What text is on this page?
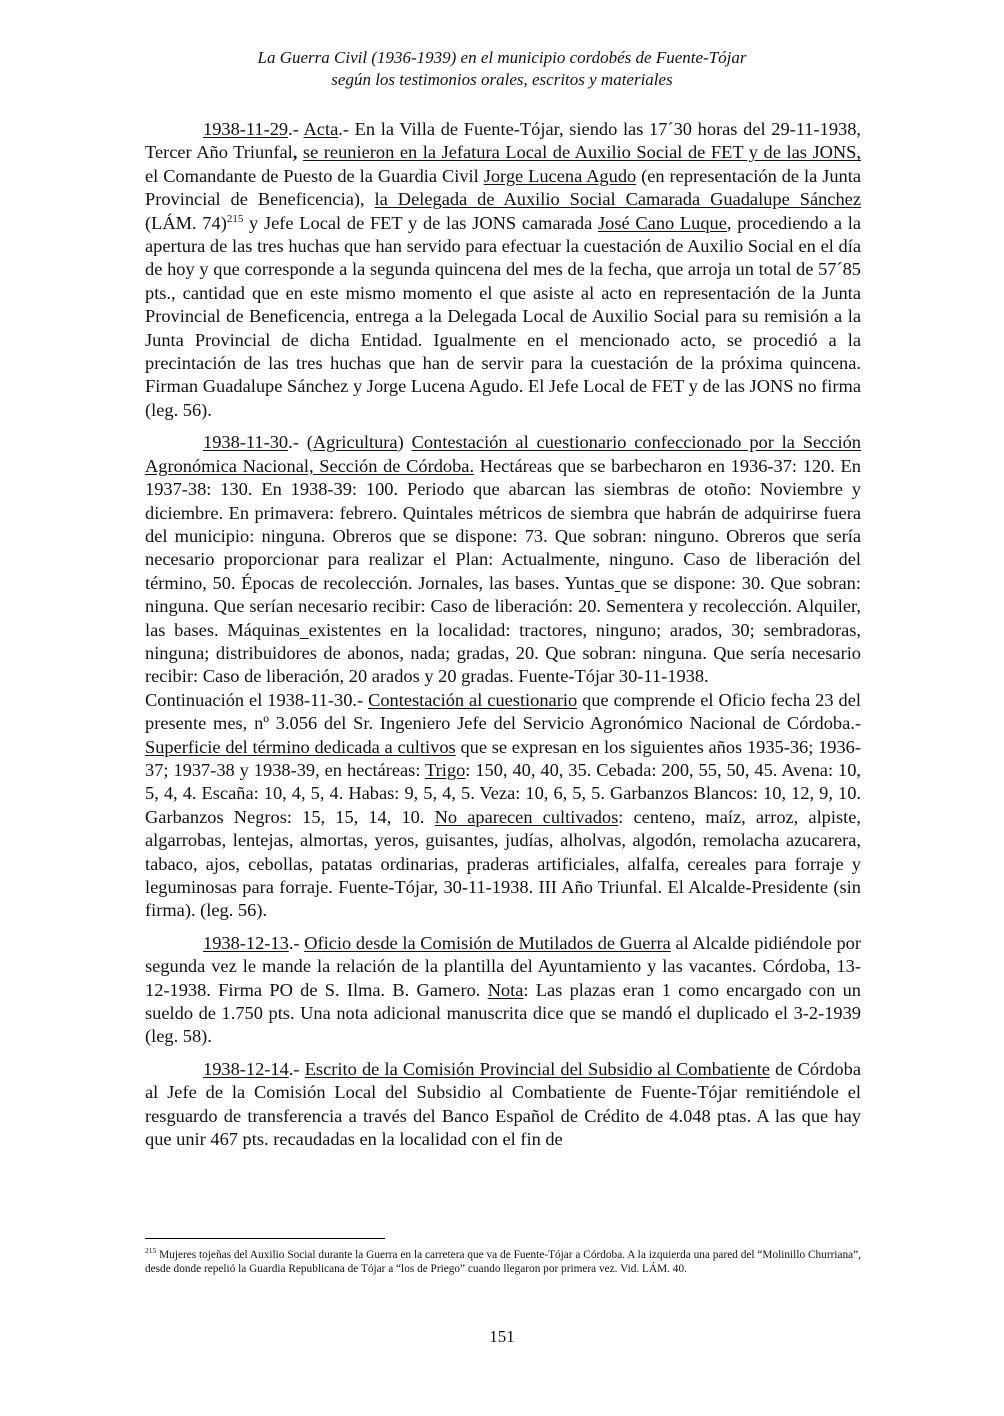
La Guerra Civil (1936-1939) en el municipio cordobés de Fuente-Tójar
según los testimonios orales, escritos y materiales

1938-11-29.- Acta.- En la Villa de Fuente-Tójar, siendo las 17´30 horas del 29-11-1938, Tercer Año Triunfal, se reunieron en la Jefatura Local de Auxilio Social de FET y de las JONS, el Comandante de Puesto de la Guardia Civil Jorge Lucena Agudo (en representación de la Junta Provincial de Beneficencia), la Delegada de Auxilio Social Camarada Guadalupe Sánchez (LÁM. 74)$^{215}$ y Jefe Local de FET y de las JONS camarada José Cano Luque, procediendo a la apertura de las tres huchas que han servido para efectuar la cuestación de Auxilio Social en el día de hoy y que corresponde a la segunda quincena del mes de la fecha, que arroja un total de 57´85 pts., cantidad que en este mismo momento el que asiste al acto en representación de la Junta Provincial de Beneficencia, entrega a la Delegada Local de Auxilio Social para su remisión a la Junta Provincial de dicha Entidad. Igualmente en el mencionado acto, se procedió a la precintación de las tres huchas que han de servir para la cuestación de la próxima quincena. Firman Guadalupe Sánchez y Jorge Lucena Agudo. El Jefe Local de FET y de las JONS no firma (leg. 56).

1938-11-30.- (Agricultura) Contestación al cuestionario confeccionado por la Sección Agronómica Nacional, Sección de Córdoba. Hectáreas que se barbecharon en 1936-37: 120. En 1937-38: 130. En 1938-39: 100. Periodo que abarcan las siembras de otoño: Noviembre y diciembre. En primavera: febrero. Quintales métricos de siembra que habrán de adquirirse fuera del municipio: ninguna. Obreros que se dispone: 73. Que sobran: ninguno. Obreros que sería necesario proporcionar para realizar el Plan: Actualmente, ninguno. Caso de liberación del término, 50. Épocas de recolección. Jornales, las bases. Yuntas que se dispone: 30. Que sobran: ninguna. Que serían necesario recibir: Caso de liberación: 20. Sementera y recolección. Alquiler, las bases. Máquinas existentes en la localidad: tractores, ninguno; arados, 30; sembradoras, ninguna; distribuidores de abonos, nada; gradas, 20. Que sobran: ninguna. Que sería necesario recibir: Caso de liberación, 20 arados y 20 gradas. Fuente-Tójar 30-11-1938.

Continuación el 1938-11-30.- Contestación al cuestionario que comprende el Oficio fecha 23 del presente mes, nº 3.056 del Sr. Ingeniero Jefe del Servicio Agronómico Nacional de Córdoba.- Superficie del término dedicada a cultivos que se expresan en los siguientes años 1935-36; 1936-37; 1937-38 y 1938-39, en hectáreas: Trigo: 150, 40, 40, 35. Cebada: 200, 55, 50, 45. Avena: 10, 5, 4, 4. Escaña: 10, 4, 5, 4. Habas: 9, 5, 4, 5. Veza: 10, 6, 5, 5. Garbanzos Blancos: 10, 12, 9, 10. Garbanzos Negros: 15, 15, 14, 10. No aparecen cultivados: centeno, maíz, arroz, alpiste, algarrobas, lentejas, almortas, yeros, guisantes, judías, alholvas, algodón, remolacha azucarera, tabaco, ajos, cebollas, patatas ordinarias, praderas artificiales, alfalfa, cereales para forraje y leguminosas para forraje. Fuente-Tójar, 30-11-1938. III Año Triunfal. El Alcalde-Presidente (sin firma). (leg. 56).

1938-12-13.- Oficio desde la Comisión de Mutilados de Guerra al Alcalde pidiéndole por segunda vez le mande la relación de la plantilla del Ayuntamiento y las vacantes. Córdoba, 13-12-1938. Firma PO de S. Ilma. B. Gamero. Nota: Las plazas eran 1 como encargado con un sueldo de 1.750 pts. Una nota adicional manuscrita dice que se mandó el duplicado el 3-2-1939 (leg. 58).

1938-12-14.- Escrito de la Comisión Provincial del Subsidio al Combatiente de Córdoba al Jefe de la Comisión Local del Subsidio al Combatiente de Fuente-Tójar remitiéndole el resguardo de transferencia a través del Banco Español de Crédito de 4.048 ptas. A las que hay que unir 467 pts. recaudadas en la localidad con el fin de

$^{215}$ Mujeres tojeñas del Auxilio Social durante la Guerra en la carretera que va de Fuente-Tójar a Córdoba. A la izquierda una pared del “Molinillo Churriana”, desde donde repelió la Guardia Republicana de Tójar a “los de Priego” cuando llegaron por primera vez. Vid. LÁM. 40.
151
